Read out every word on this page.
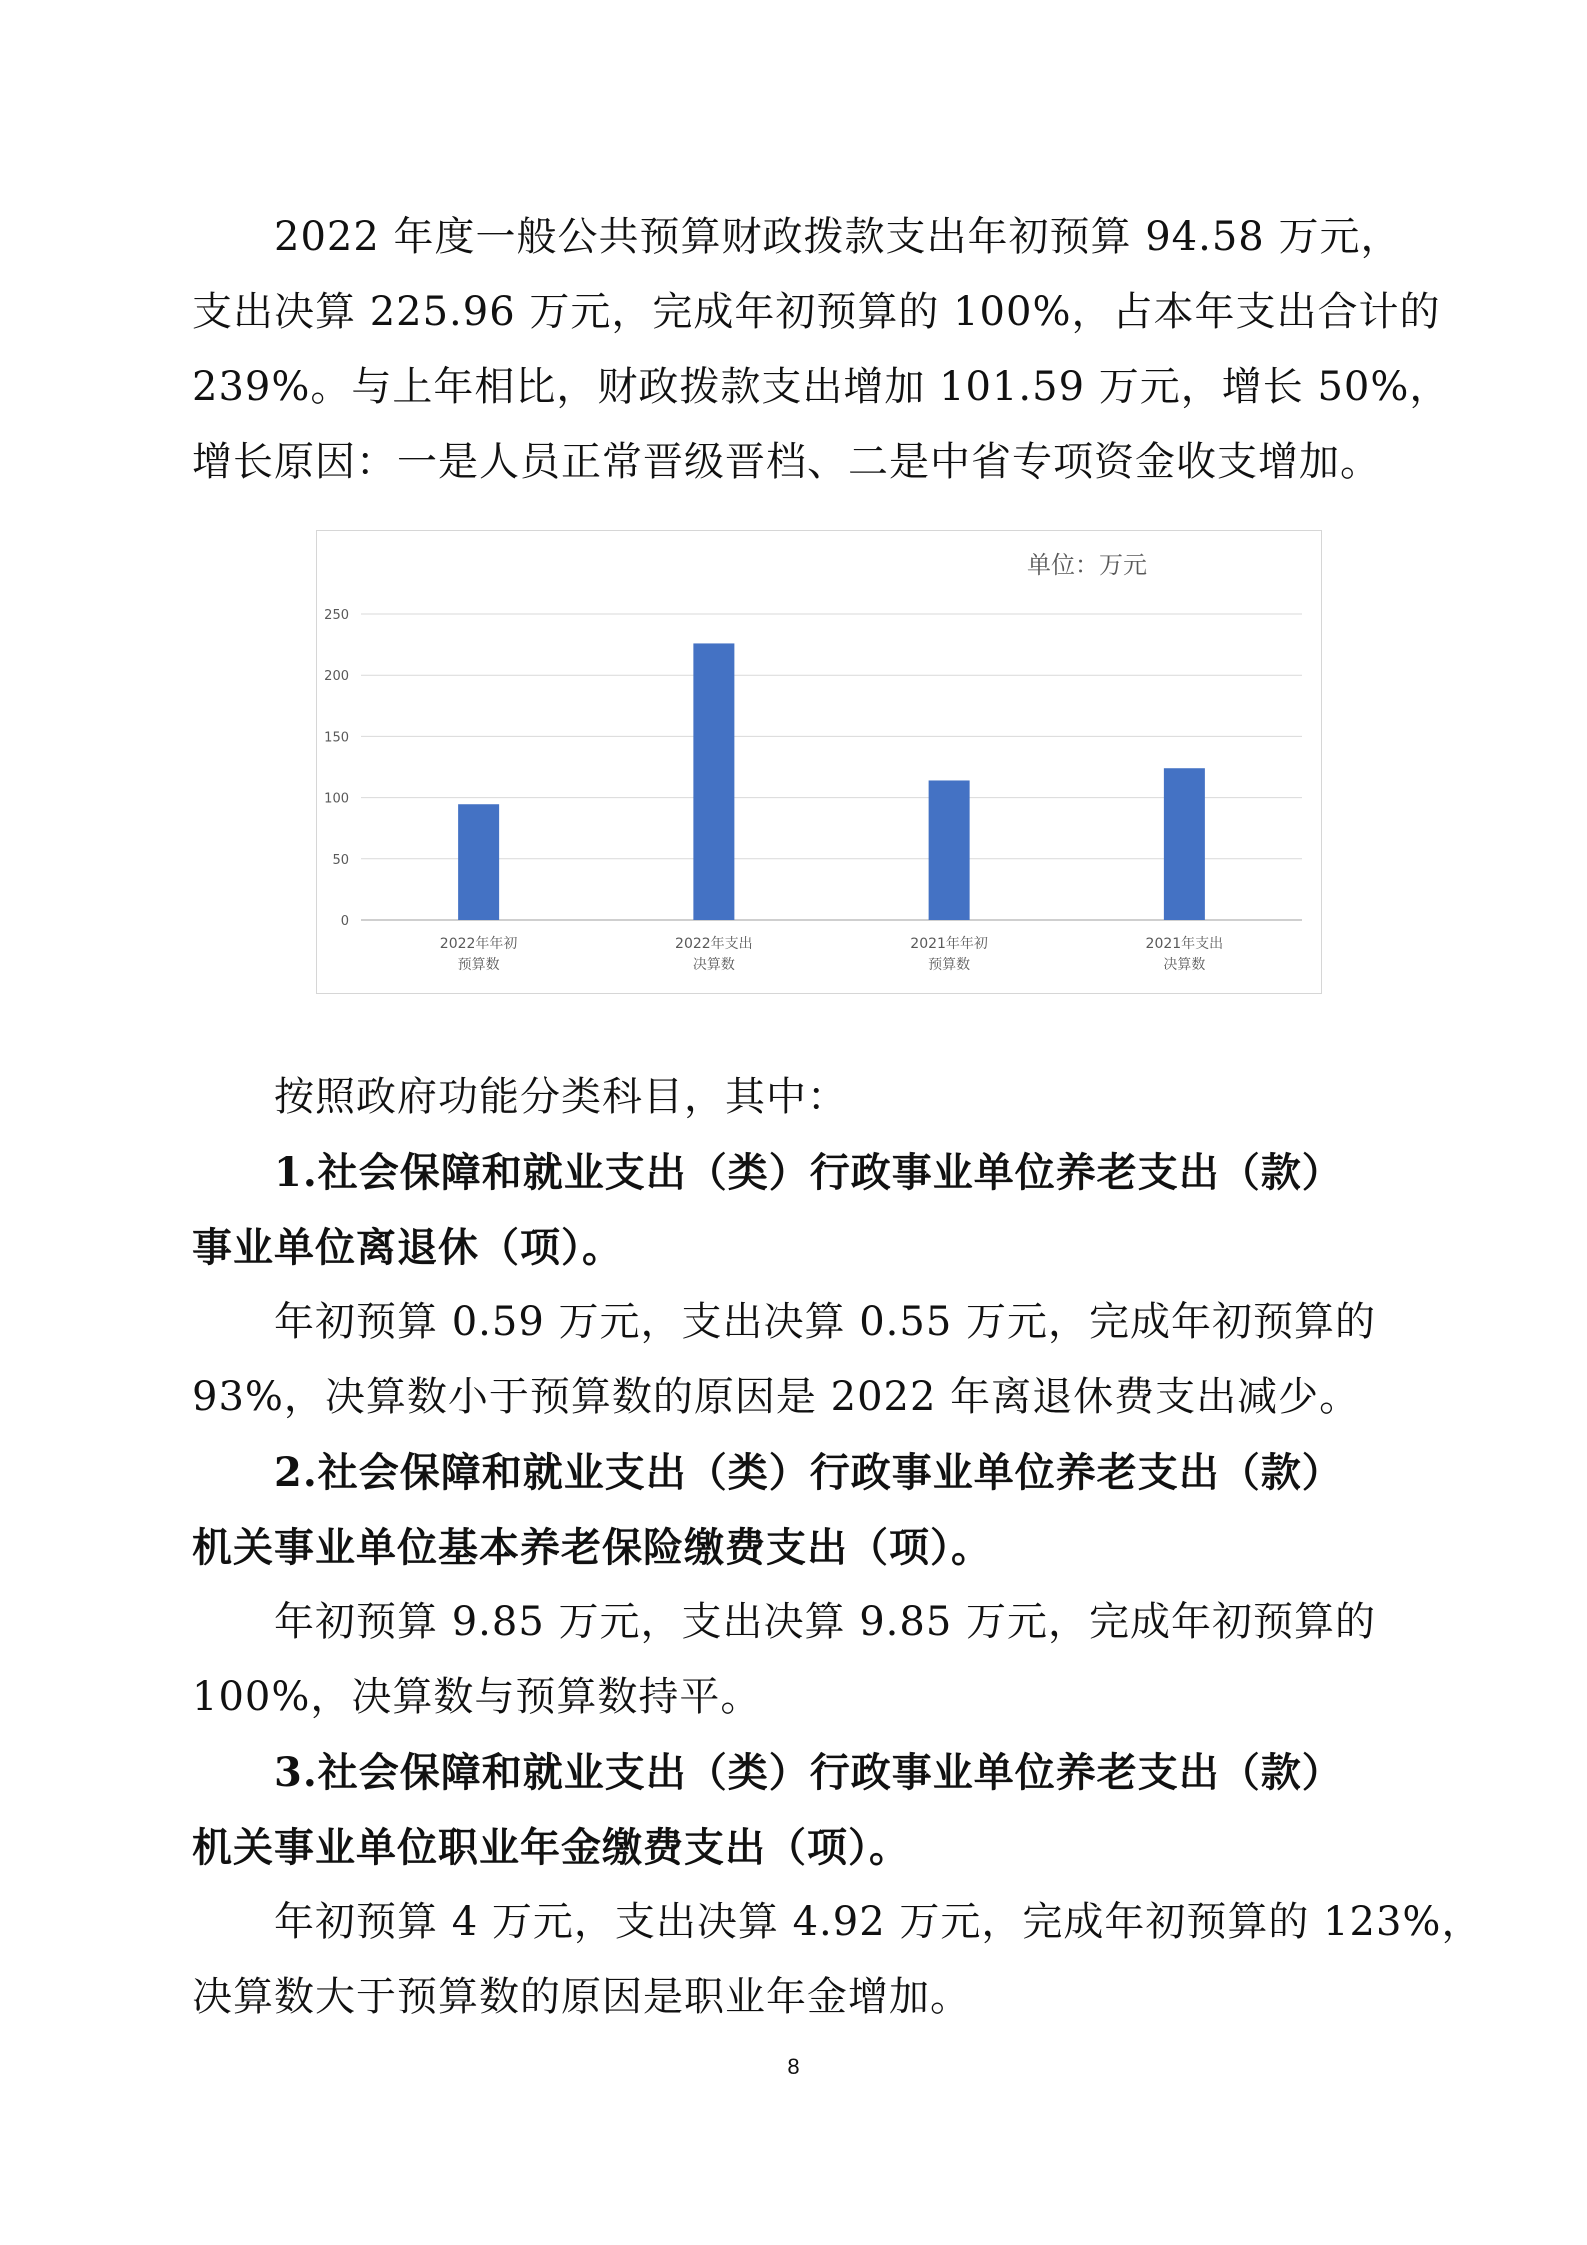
　　2022 年度一般公共预算财政拨款支出年初预算 94.58 万元，
支出决算 225.96 万元，完成年初预算的 100%，占本年支出合计的
239%。与上年相比，财政拨款支出增加 101.59 万元，增长 50%，
增长原因：一是人员正常晋级晋档、二是中省专项资金收支增加。
单位：万元
0
50
100
150
200
250
2022年年初
预算数
2022年支出
决算数
2021年年初
预算数
2021年支出
决算数
　　按照政府功能分类科目，其中：
　　1.社会保障和就业支出（类）行政事业单位养老支出（款）
事业单位离退休（项）。
　　年初预算 0.59 万元，支出决算 0.55 万元，完成年初预算的
93%，决算数小于预算数的原因是 2022 年离退休费支出减少。
　　2.社会保障和就业支出（类）行政事业单位养老支出（款）
机关事业单位基本养老保险缴费支出（项）。
　　年初预算 9.85 万元，支出决算 9.85 万元，完成年初预算的
100%，决算数与预算数持平。
　　3.社会保障和就业支出（类）行政事业单位养老支出（款）
机关事业单位职业年金缴费支出（项）。
　　年初预算 4 万元，支出决算 4.92 万元，完成年初预算的 123%，
决算数大于预算数的原因是职业年金增加。
8
